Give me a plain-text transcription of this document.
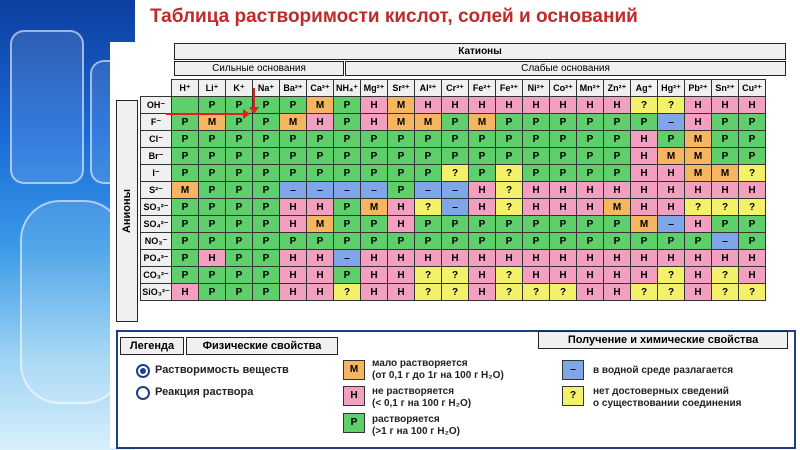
Таблица растворимости кислот, солей и оснований
Катионы
Сильные основания	Слабые основания
Анионы
	H⁺	Li⁺	K⁺	Na⁺	Ba²⁺	Ca²⁺	NH₄⁺	Mg²⁺	Sr²⁺	Al³⁺	Cr³⁺	Fe²⁺	Fe³⁺	Ni²⁺	Co²⁺	Mn²⁺	Zn²⁺	Ag⁺	Hg²⁺	Pb²⁺	Sn²⁺	Cu²⁺
OH⁻		Р	Р	Р	Р	М	Р	Н	М	Н	Н	Н	Н	Н	Н	Н	Н	?	?	Н	Н	Н
F⁻	Р	М	Р	Р	М	Н	Р	Н	М	М	Р	М	Р	Р	Р	Р	Р	Р	–	Н	Р	Р
Cl⁻	Р	Р	Р	Р	Р	Р	Р	Р	Р	Р	Р	Р	Р	Р	Р	Р	Р	Н	Р	М	Р	Р
Br⁻	Р	Р	Р	Р	Р	Р	Р	Р	Р	Р	Р	Р	Р	Р	Р	Р	Р	Н	М	М	Р	Р
I⁻	Р	Р	Р	Р	Р	Р	Р	Р	Р	Р	?	Р	?	Р	Р	Р	Р	Н	Н	М	М	?
S²⁻	М	Р	Р	Р	–	–	–	–	Р	–	–	Н	?	Н	Н	Н	Н	Н	Н	Н	Н	Н
SO₃²⁻	Р	Р	Р	Р	Н	Н	Р	М	Н	?	–	Н	?	Н	Н	Н	М	Н	Н	?	?	?
SO₄²⁻	Р	Р	Р	Р	Н	М	Р	Р	Н	Р	Р	Р	Р	Р	Р	Р	Р	М	–	Н	Р	Р
NO₃⁻	Р	Р	Р	Р	Р	Р	Р	Р	Р	Р	Р	Р	Р	Р	Р	Р	Р	Р	Р	Р	–	Р
PO₄³⁻	Р	Н	Р	Р	Н	Н	–	Н	Н	Н	Н	Н	Н	Н	Н	Н	Н	Н	Н	Н	Н	Н
CO₃²⁻	Р	Р	Р	Р	Н	Н	Р	Н	Н	?	?	Н	?	Н	Н	Н	Н	Н	?	Н	?	Н
SiO₃²⁻	Н	Р	Р	Р	Н	Н	?	Н	Н	?	?	Н	?	?	?	Н	Н	?	?	Н	?	?
Легенда	Физические свойства	Получение и химические свойства
Растворимость веществ
Реакция раствора
М
мало растворяется
(от 0,1 г до 1г на 100 г H₂O)
Н	не растворяется
(< 0,1 г на 100 г H₂O)
Р	растворяется
(>1 г на 100 г H₂O)
–	в водной среде разлагается
?	нет достоверных сведений
о существовании соединения
